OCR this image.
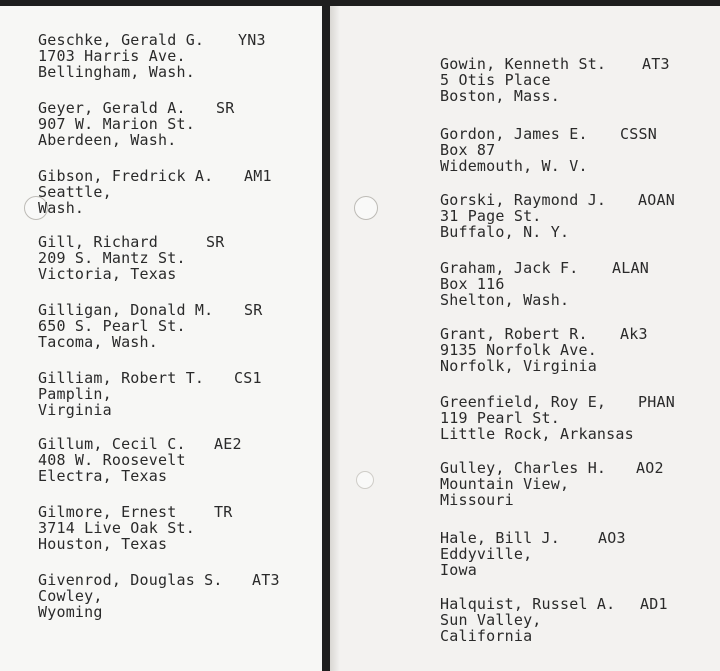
Geschke, Gerald G. YN3
1703 Harris Ave.
Bellingham, Wash.
Geyer, Gerald A. SR
907 W. Marion St.
Aberdeen, Wash.
Gibson, Fredrick A. AM1
Seattle,
Wash.
Gill, Richard	SR
209 S. Mantz St.
Victoria, Texas
Gilligan, Donald M. SR
650 S. Pearl St.
Tacoma, Wash.
Gilliam, Robert T. CS1
Pamplin,
Virginia
Gillum, Cecil C. AE2
408 W. Roosevelt
Electra, Texas
Gilmore, Ernest	TR
3714 Live Oak St.
Houston, Texas
Givenrod, Douglas S. AT3
Cowley,
Wyoming
Gowin, Kenneth St. AT3
5 Otis Place
Boston, Mass.
Gordon, James E. CSSN
Box 87
Widemouth, W. V.
Gorski, Raymond J. AOAN
31 Page St.
Buffalo, N. Y.
Graham, Jack F. ALAN
Box 116
Shelton, Wash.
Grant, Robert R. Ak3
9135 Norfolk Ave.
Norfolk, Virginia
Greenfield, Roy E, PHAN
119 Pearl St.
Little Rock, Arkansas
Gulley, Charles H. AO2
Mountain View,
Missouri
Hale, Bill J.	AO3
Eddyville,
Iowa
Halquist, Russel A. AD1
Sun Valley,
California
